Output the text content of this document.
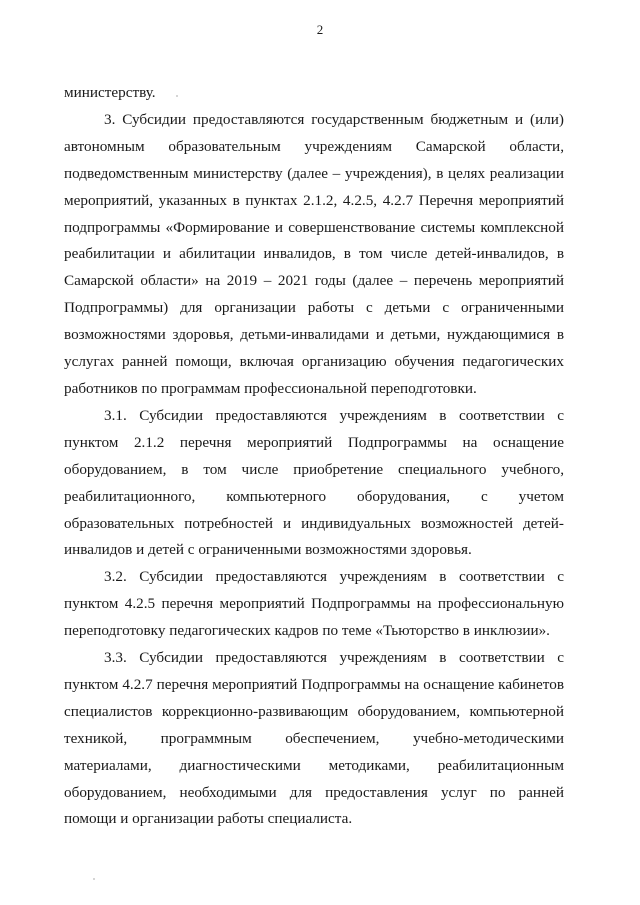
2

министерству.

3. Субсидии предоставляются государственным бюджетным и (или) автономным образовательным учреждениям Самарской области, подведомственным министерству (далее – учреждения), в целях реализации мероприятий, указанных в пунктах 2.1.2, 4.2.5, 4.2.7 Перечня мероприятий подпрограммы «Формирование и совершенствование системы комплексной реабилитации и абилитации инвалидов, в том числе детей-инвалидов, в Самарской области» на 2019 – 2021 годы (далее – перечень мероприятий Подпрограммы) для организации работы с детьми с ограниченными возможностями здоровья, детьми-инвалидами и детьми, нуждающимися в услугах ранней помощи, включая организацию обучения педагогических работников по программам профессиональной переподготовки.

3.1. Субсидии предоставляются учреждениям в соответствии с пунктом 2.1.2 перечня мероприятий Подпрограммы на оснащение оборудованием, в том числе приобретение специального учебного, реабилитационного, компьютерного оборудования, с учетом образовательных потребностей и индивидуальных возможностей детей-инвалидов и детей с ограниченными возможностями здоровья.

3.2. Субсидии предоставляются учреждениям в соответствии с пунктом 4.2.5 перечня мероприятий Подпрограммы на профессиональную переподготовку педагогических кадров по теме «Тьюторство в инклюзии».

3.3. Субсидии предоставляются учреждениям в соответствии с пунктом 4.2.7 перечня мероприятий Подпрограммы на оснащение кабинетов специалистов коррекционно-развивающим оборудованием, компьютерной техникой, программным обеспечением, учебно-методическими материалами, диагностическими методиками, реабилитационным оборудованием, необходимыми для предоставления услуг по ранней помощи и организации работы специалиста.
